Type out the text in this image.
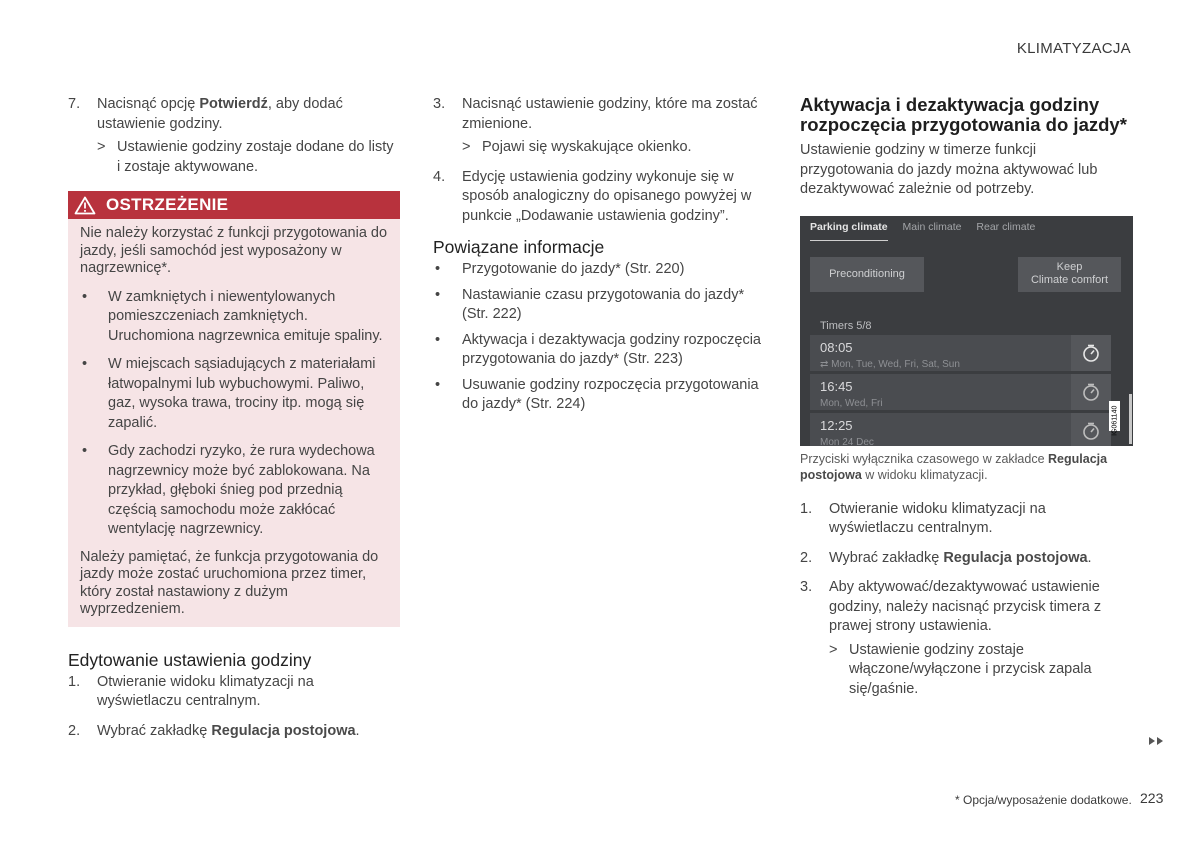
KLIMATYZACJA
7. Nacisnąć opcję Potwierdź, aby dodać ustawienie godziny.
> Ustawienie godziny zostaje dodane do listy i zostaje aktywowane.
OSTRZEŻENIE

Nie należy korzystać z funkcji przygotowania do jazdy, jeśli samochód jest wyposażony w nagrzewnicę*.

• W zamkniętych i niewentylowanych pomieszczeniach zamkniętych. Uruchomiona nagrzewnica emituje spaliny.
• W miejscach sąsiadujących z materiałami łatwopalnymi lub wybuchowymi. Paliwo, gaz, wysoka trawa, trociny itp. mogą się zapalić.
• Gdy zachodzi ryzyko, że rura wydechowa nagrzewnicy może być zablokowana. Na przykład, głęboki śnieg pod przednią częścią samochodu może zakłócać wentylację nagrzewnicy.

Należy pamiętać, że funkcja przygotowania do jazdy może zostać uruchomiona przez timer, który został nastawiony z dużym wyprzedzeniem.

Edytowanie ustawienia godziny
1. Otwieranie widoku klimatyzacji na wyświetlaczu centralnym.
2. Wybrać zakładkę Regulacja postojowa.
3. Nacisnąć ustawienie godziny, które ma zostać zmienione.
> Pojawi się wyskakujące okienko.
4. Edycję ustawienia godziny wykonuje się w sposób analogiczny do opisanego powyżej w punkcie „Dodawanie ustawienia godziny”.
Powiązane informacje
• Przygotowanie do jazdy* (Str. 220)
• Nastawianie czasu przygotowania do jazdy* (Str. 222)
• Aktywacja i dezaktywacja godziny rozpoczęcia przygotowania do jazdy* (Str. 223)
• Usuwanie godziny rozpoczęcia przygotowania do jazdy* (Str. 224)
Aktywacja i dezaktywacja godziny rozpoczęcia przygotowania do jazdy*
Ustawienie godziny w timerze funkcji przygotowania do jazdy można aktywować lub dezaktywować zależnie od potrzeby.
Parking climate Main climate Rear climate
Preconditioning
Keep
Climate comfort
Timers 5/8
08:05
⇄ Mon, Tue, Wed, Fri, Sat, Sun
16:45
Mon, Wed, Fri
12:25
Mon 24 Dec
IG061140
Przyciski wyłącznika czasowego w zakładce Regulacja postojowa w widoku klimatyzacji.
1. Otwieranie widoku klimatyzacji na wyświetlaczu centralnym.
2. Wybrać zakładkę Regulacja postojowa.
3. Aby aktywować/dezaktywować ustawienie godziny, należy nacisnąć przycisk timera z prawej strony ustawienia.
> Ustawienie godziny zostaje włączone/wyłączone i przycisk zapala się/gaśnie.
* Opcja/wyposażenie dodatkowe. 223
